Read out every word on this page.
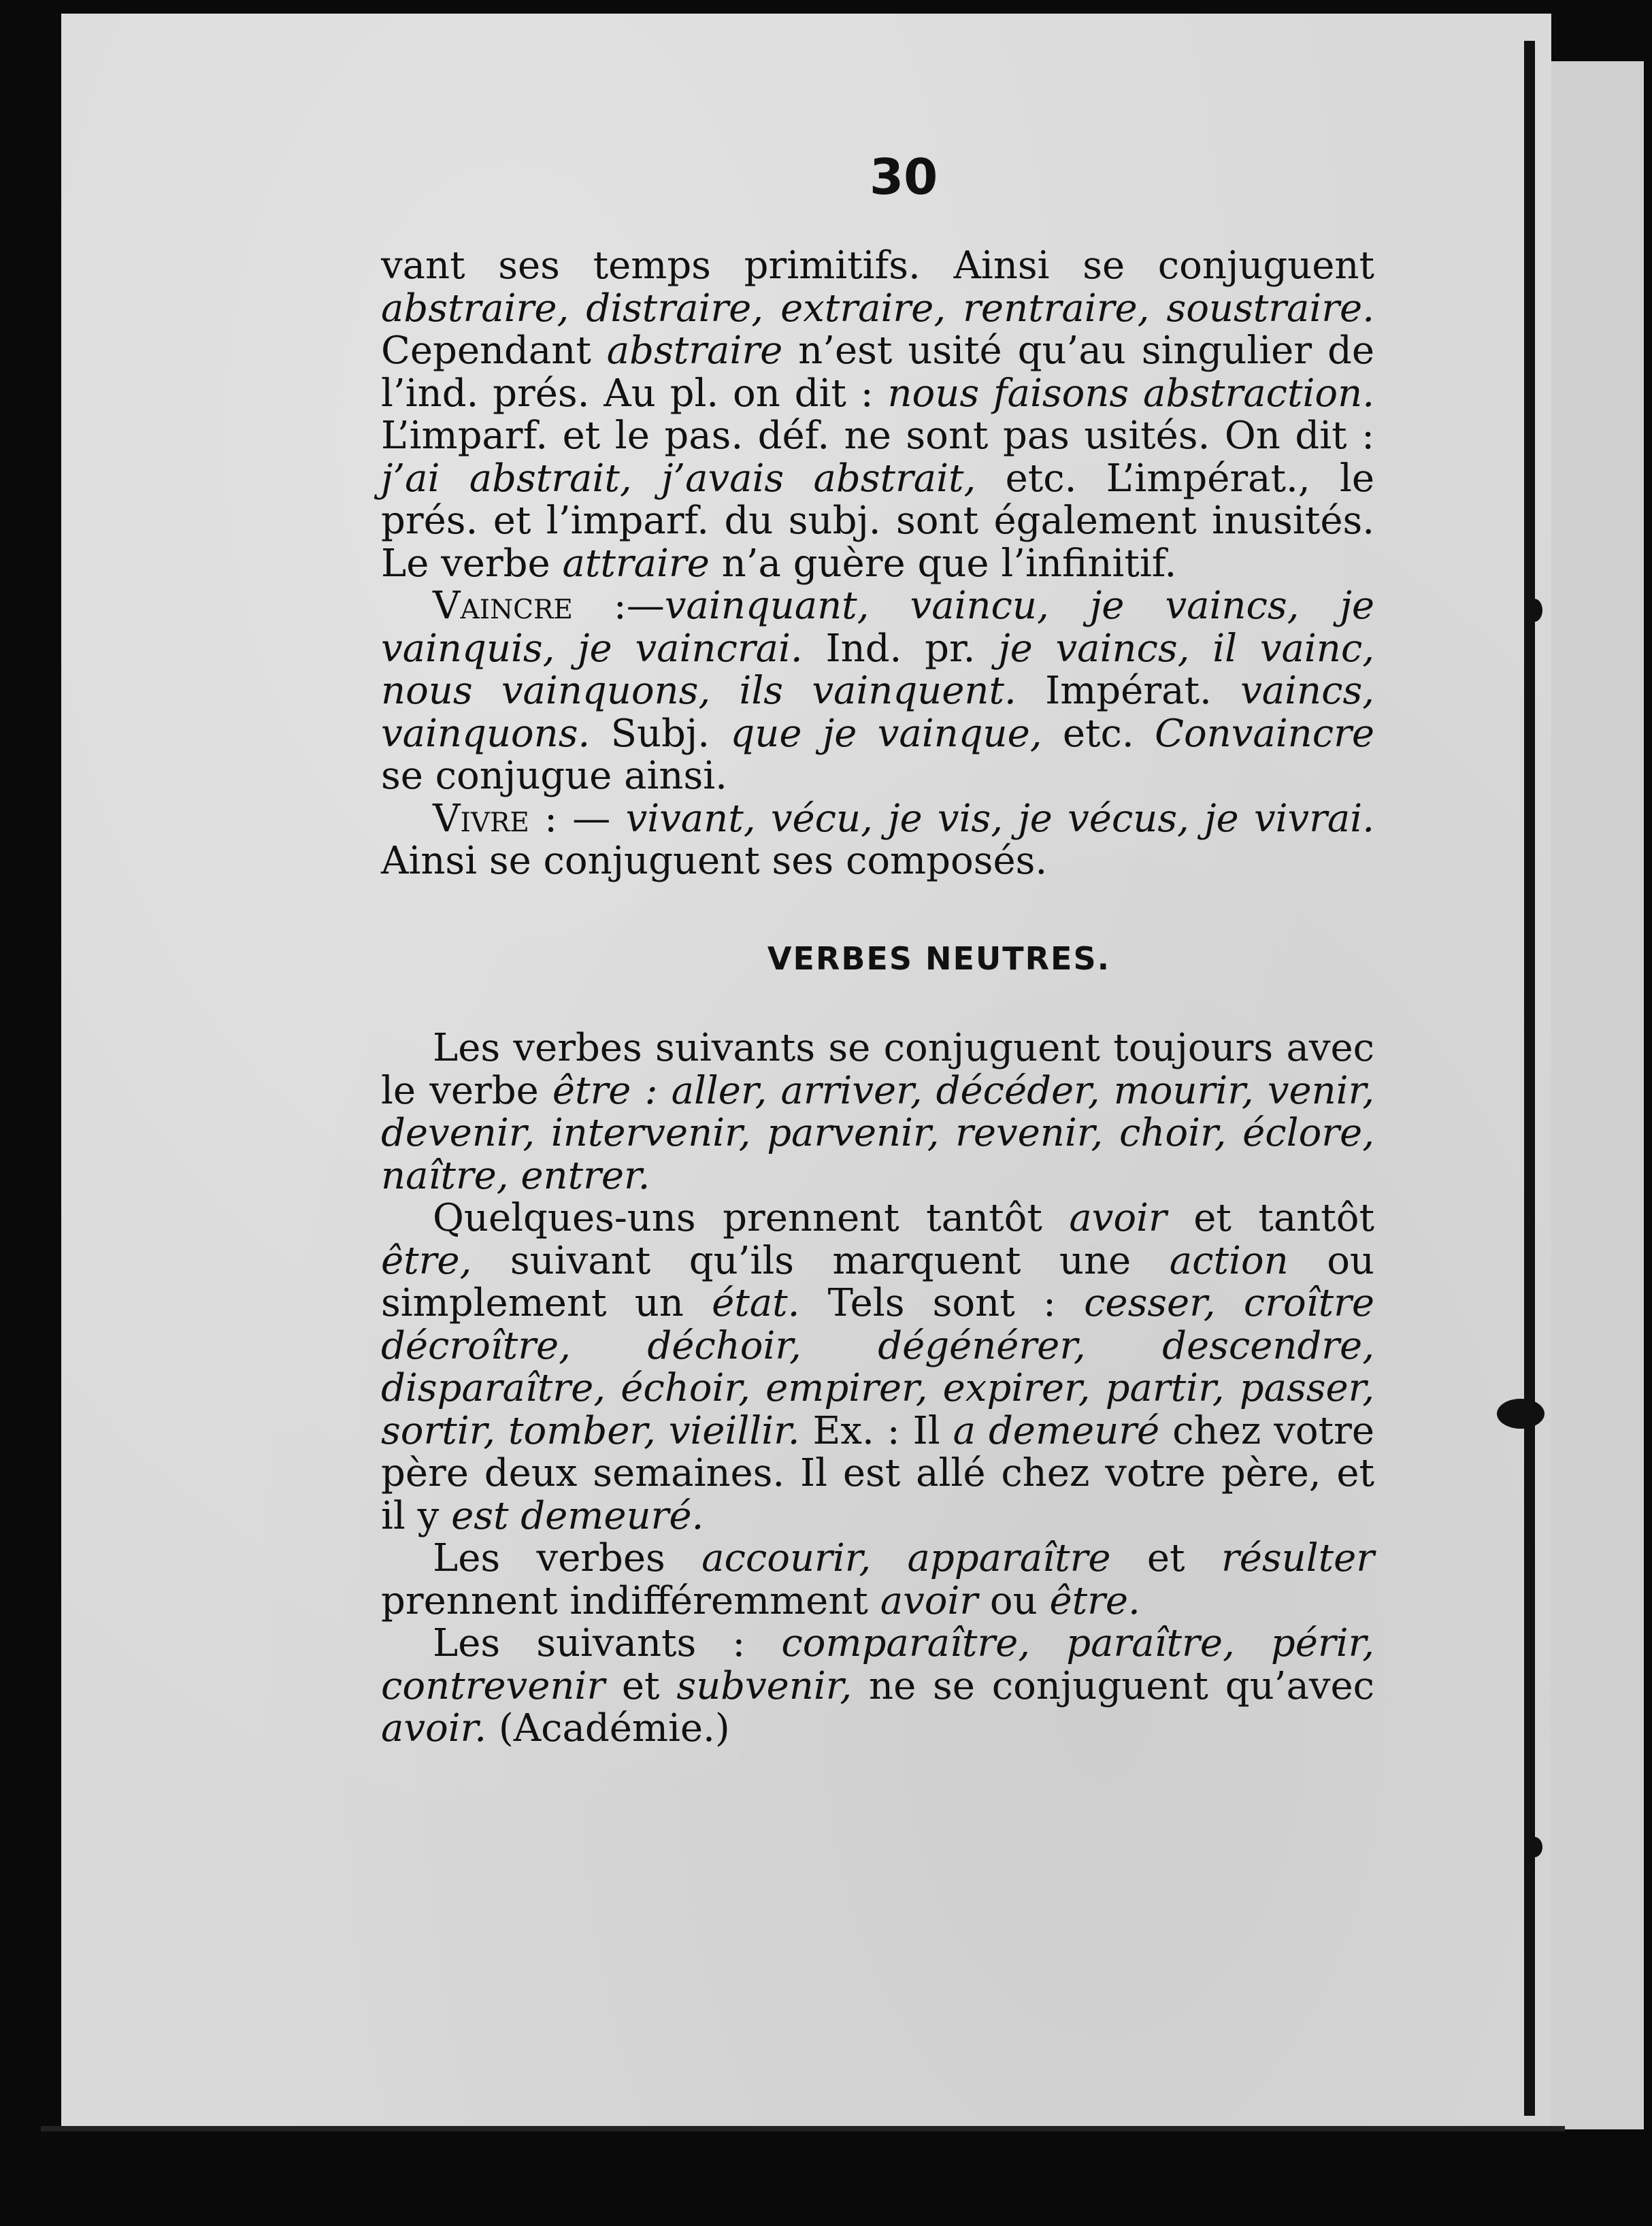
30

vant ses temps primitifs. Ainsi se conjuguent abstraire, distraire, extraire, rentraire, soustraire. Cependant abstraire n’est usité qu’au singulier de l’ind. prés. Au pl. on dit : nous faisons abstraction. L’imparf. et le pas. déf. ne sont pas usités. On dit : j’ai abstrait, j’avais abstrait, etc. L’impérat., le prés. et l’imparf. du subj. sont également inusités. Le verbe attraire n’a guère que l’infinitif.

Vaincre :—vainquant, vaincu, je vaincs, je vainquis, je vaincrai. Ind. pr. je vaincs, il vainc, nous vainquons, ils vainquent. Impérat. vaincs, vainquons. Subj. que je vainque, etc. Convaincre se conjugue ainsi.

Vivre : — vivant, vécu, je vis, je vécus, je vivrai. Ainsi se conjuguent ses composés.

VERBES NEUTRES.

Les verbes suivants se conjuguent toujours avec le verbe être : aller, arriver, décéder, mourir, venir, devenir, intervenir, parvenir, revenir, choir, éclore, naître, entrer.

Quelques-uns prennent tantôt avoir et tantôt être, suivant qu’ils marquent une action ou simplement un état. Tels sont : cesser, croître décroître, déchoir, dégénérer, descendre, disparaître, échoir, empirer, expirer, partir, passer, sortir, tomber, vieillir. Ex. : Il a demeuré chez votre père deux semaines. Il est allé chez votre père, et il y est demeuré.

Les verbes accourir, apparaître et résulter prennent indifféremment avoir ou être.

Les suivants : comparaître, paraître, périr, contrevenir et subvenir, ne se conjuguent qu’avec avoir. (Académie.)
